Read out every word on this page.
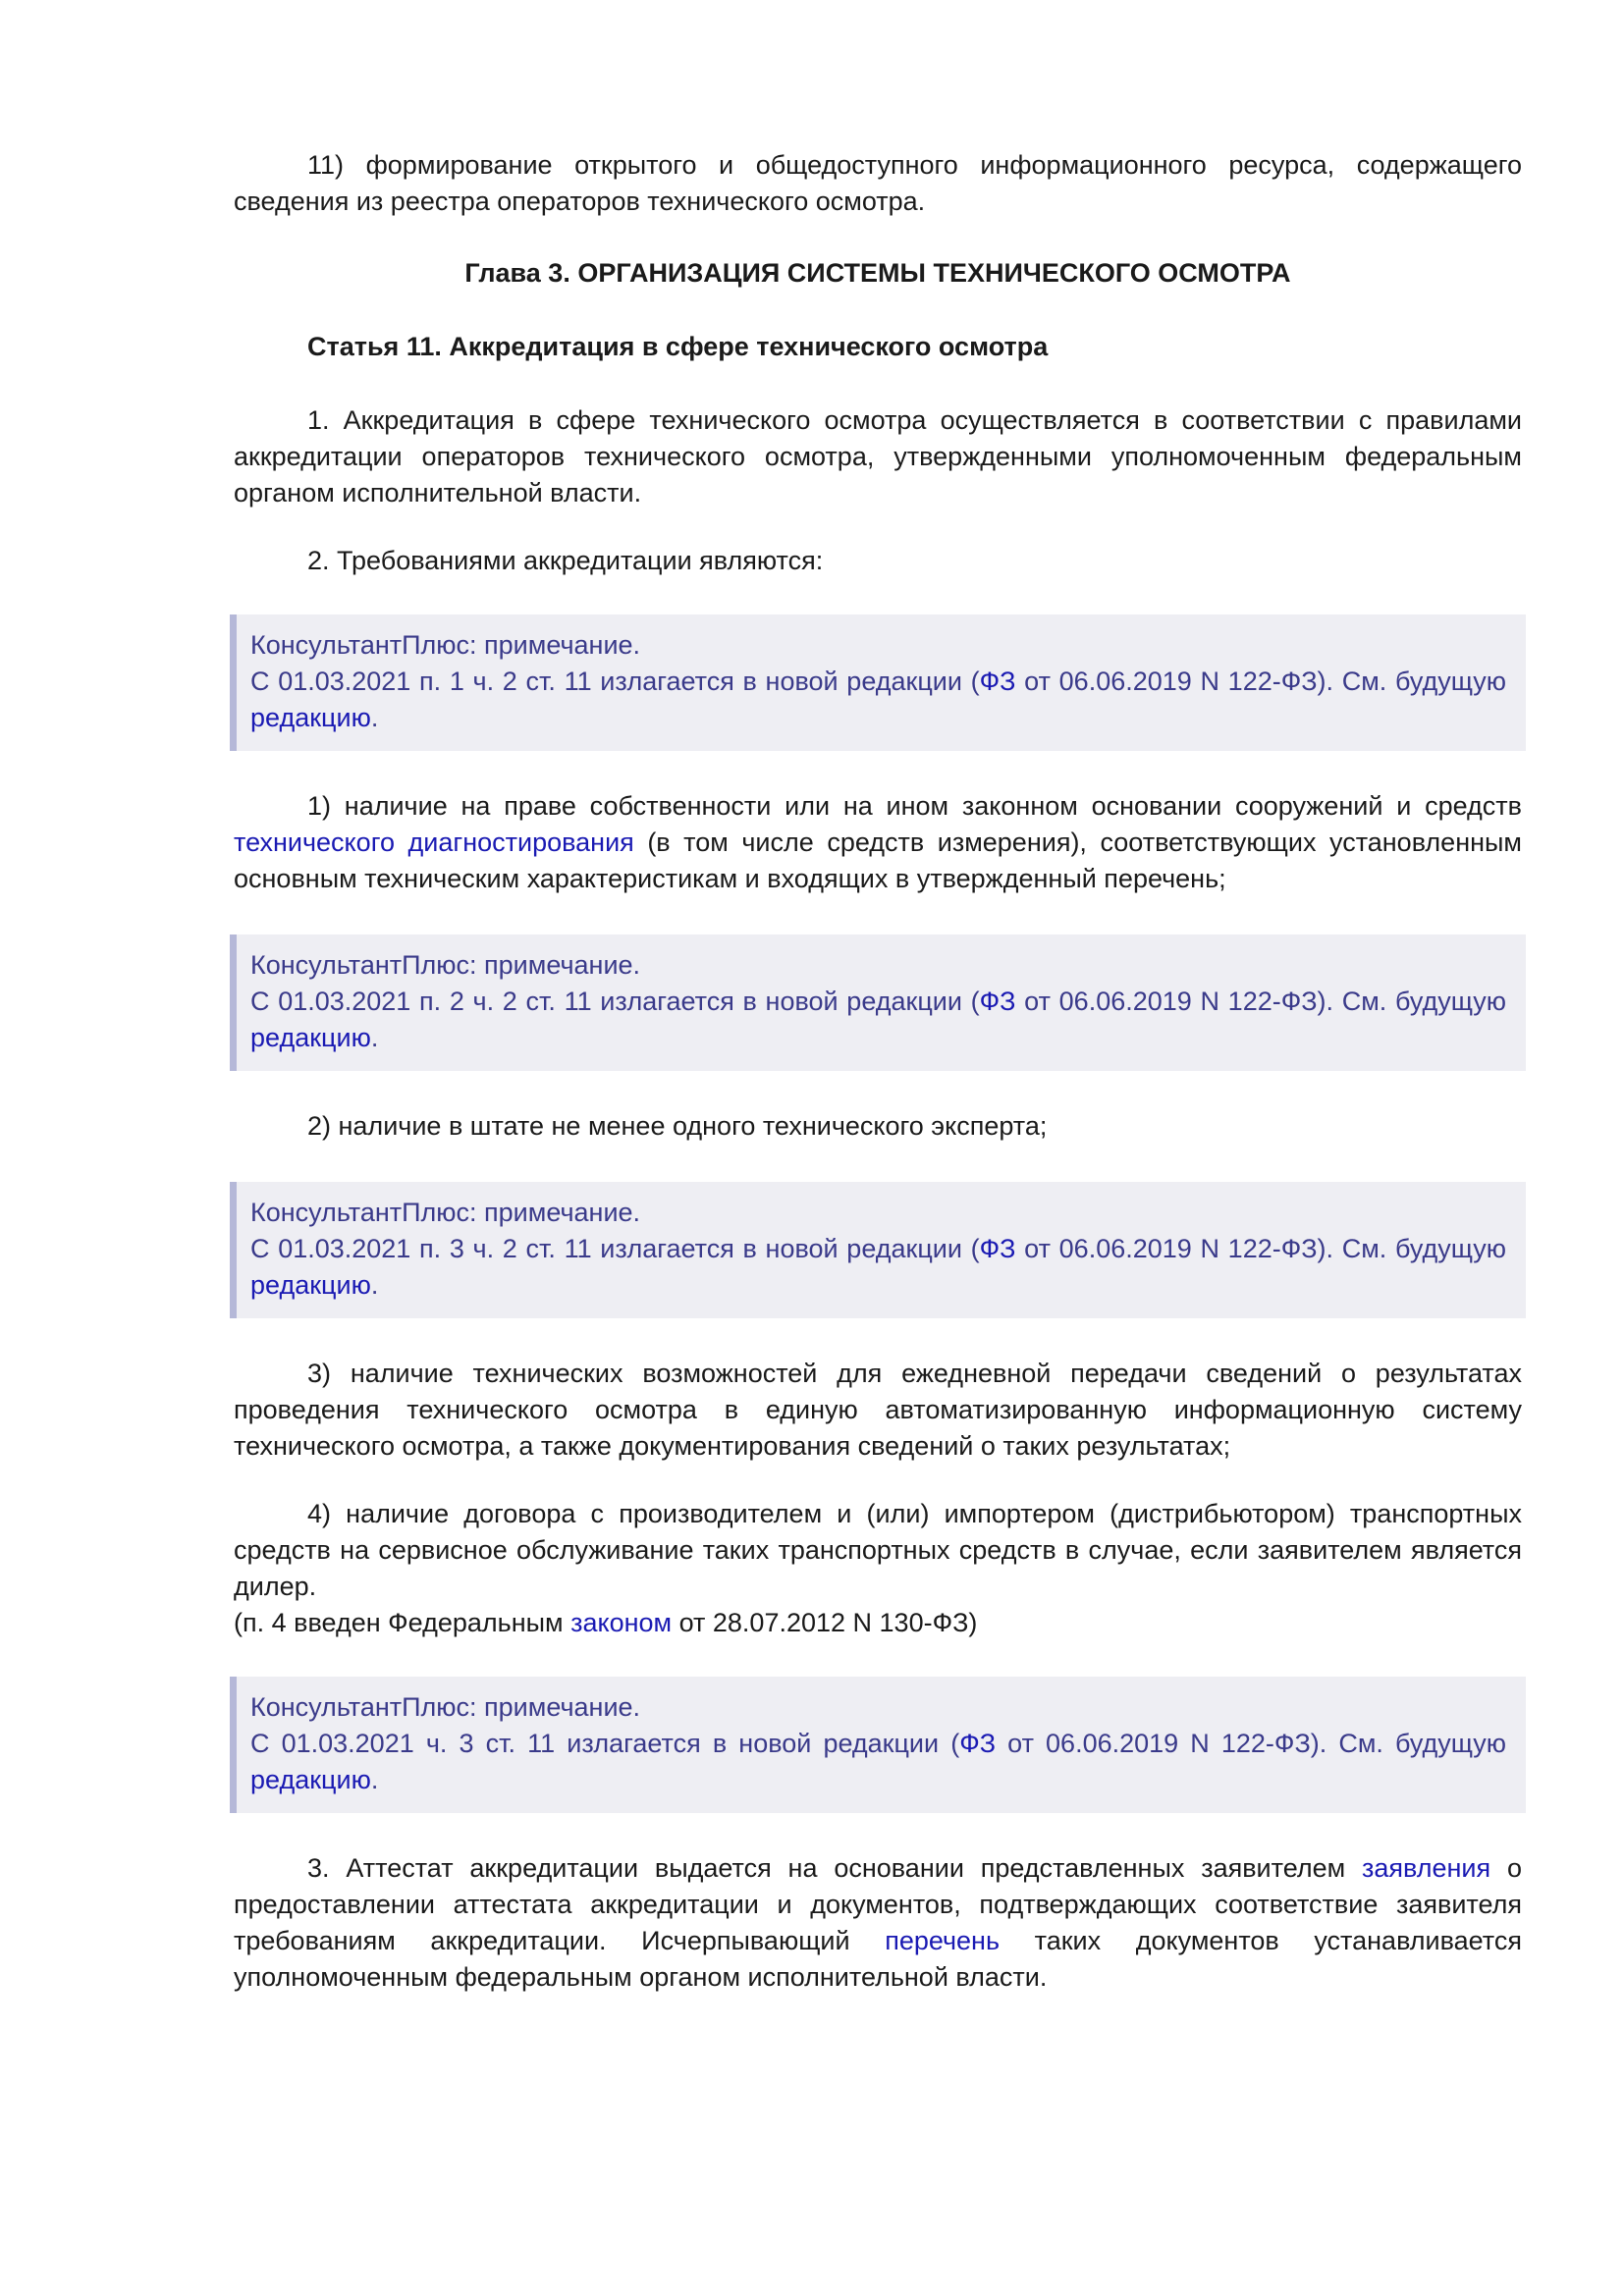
11) формирование открытого и общедоступного информационного ресурса, содержащего сведения из реестра операторов технического осмотра.

Глава 3. ОРГАНИЗАЦИЯ СИСТЕМЫ ТЕХНИЧЕСКОГО ОСМОТРА

Статья 11. Аккредитация в сфере технического осмотра

1. Аккредитация в сфере технического осмотра осуществляется в соответствии с правилами аккредитации операторов технического осмотра, утвержденными уполномоченным федеральным органом исполнительной власти.

2. Требованиями аккредитации являются:

КонсультантПлюс: примечание.

С 01.03.2021 п. 1 ч. 2 ст. 11 излагается в новой редакции (ФЗ от 06.06.2019 N 122-ФЗ). См. будущую редакцию.

1) наличие на праве собственности или на ином законном основании сооружений и средств технического диагностирования (в том числе средств измерения), соответствующих установленным основным техническим характеристикам и входящих в утвержденный перечень;

КонсультантПлюс: примечание.

С 01.03.2021 п. 2 ч. 2 ст. 11 излагается в новой редакции (ФЗ от 06.06.2019 N 122-ФЗ). См. будущую редакцию.

2) наличие в штате не менее одного технического эксперта;

КонсультантПлюс: примечание.

С 01.03.2021 п. 3 ч. 2 ст. 11 излагается в новой редакции (ФЗ от 06.06.2019 N 122-ФЗ). См. будущую редакцию.

3) наличие технических возможностей для ежедневной передачи сведений о результатах проведения технического осмотра в единую автоматизированную информационную систему технического осмотра, а также документирования сведений о таких результатах;

4) наличие договора с производителем и (или) импортером (дистрибьютором) транспортных средств на сервисное обслуживание таких транспортных средств в случае, если заявителем является дилер.

(п. 4 введен Федеральным законом от 28.07.2012 N 130-ФЗ)

КонсультантПлюс: примечание.

С 01.03.2021 ч. 3 ст. 11 излагается в новой редакции (ФЗ от 06.06.2019 N 122-ФЗ). См. будущую редакцию.

3. Аттестат аккредитации выдается на основании представленных заявителем заявления о предоставлении аттестата аккредитации и документов, подтверждающих соответствие заявителя требованиям аккредитации. Исчерпывающий перечень таких документов устанавливается уполномоченным федеральным органом исполнительной власти.
